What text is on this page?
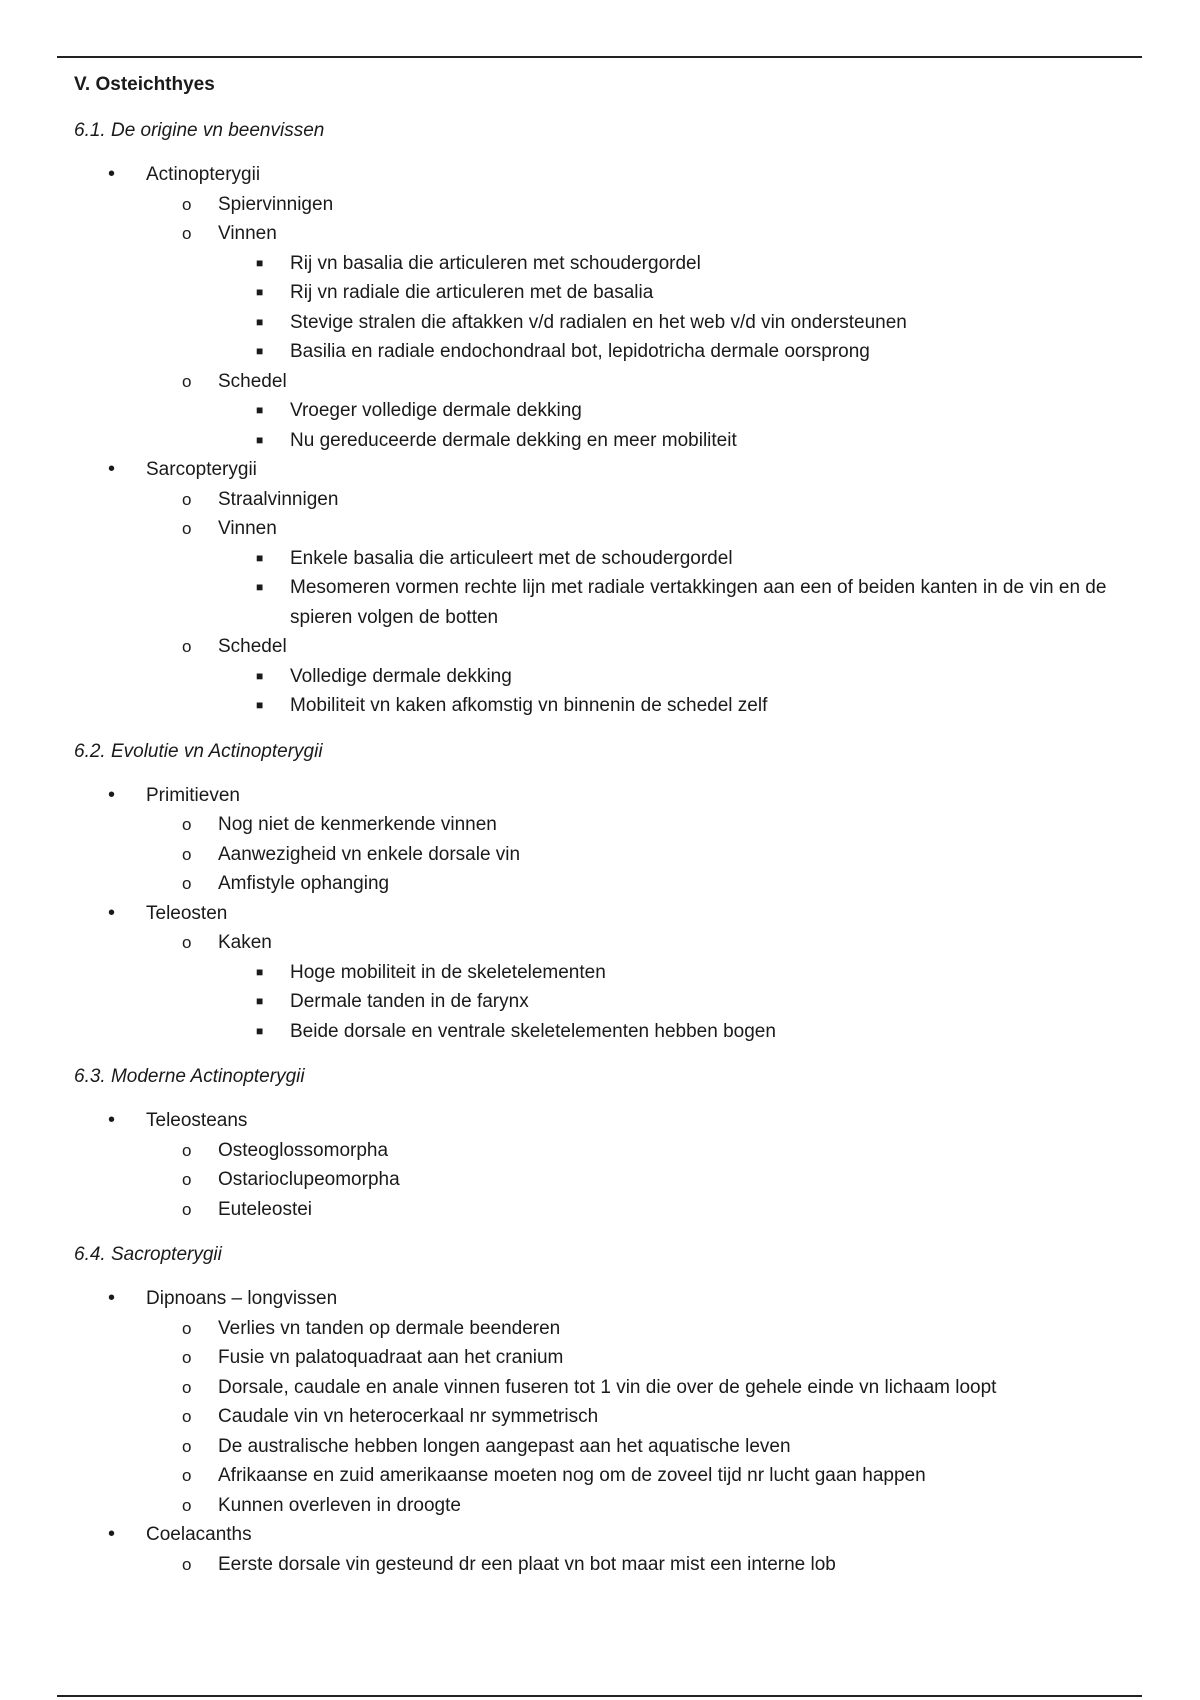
V. Osteichthyes
6.1. De origine vn beenvissen
• Actinopterygii
o Spiervinnigen
o Vinnen
■ Rij vn basalia die articuleren met schoudergordel
■ Rij vn radiale die articuleren met de basalia
■ Stevige stralen die aftakken v/d radialen en het web v/d vin ondersteunen
■ Basilia en radiale endochondraal bot, lepidotricha dermale oorsprong
o Schedel
■ Vroeger volledige dermale dekking
■ Nu gereduceerde dermale dekking en meer mobiliteit
• Sarcopterygii
o Straalvinnigen
o Vinnen
■ Enkele basalia die articuleert met de schoudergordel
■ Mesomeren vormen rechte lijn met radiale vertakkingen aan een of beiden kanten in de vin en de spieren volgen de botten
o Schedel
■ Volledige dermale dekking
■ Mobiliteit vn kaken afkomstig vn binnenin de schedel zelf
6.2. Evolutie vn Actinopterygii
• Primitieven
o Nog niet de kenmerkende vinnen
o Aanwezigheid vn enkele dorsale vin
o Amfistyle ophanging
• Teleosten
o Kaken
■ Hoge mobiliteit in de skeletelementen
■ Dermale tanden in de farynx
■ Beide dorsale en ventrale skeletelementen hebben bogen
6.3. Moderne Actinopterygii
• Teleosteans
o Osteoglossomorpha
o Ostarioclupeomorpha
o Euteleostei
6.4. Sacropterygii
• Dipnoans – longvissen
o Verlies vn tanden op dermale beenderen
o Fusie vn palatoquadraat aan het cranium
o Dorsale, caudale en anale vinnen fuseren tot 1 vin die over de gehele einde vn lichaam loopt
o Caudale vin vn heterocerkaal nr symmetrisch
o De australische hebben longen aangepast aan het aquatische leven
o Afrikaanse en zuid amerikaanse moeten nog om de zoveel tijd nr lucht gaan happen
o Kunnen overleven in droogte
• Coelacanths
o Eerste dorsale vin gesteund dr een plaat vn bot maar mist een interne lob
